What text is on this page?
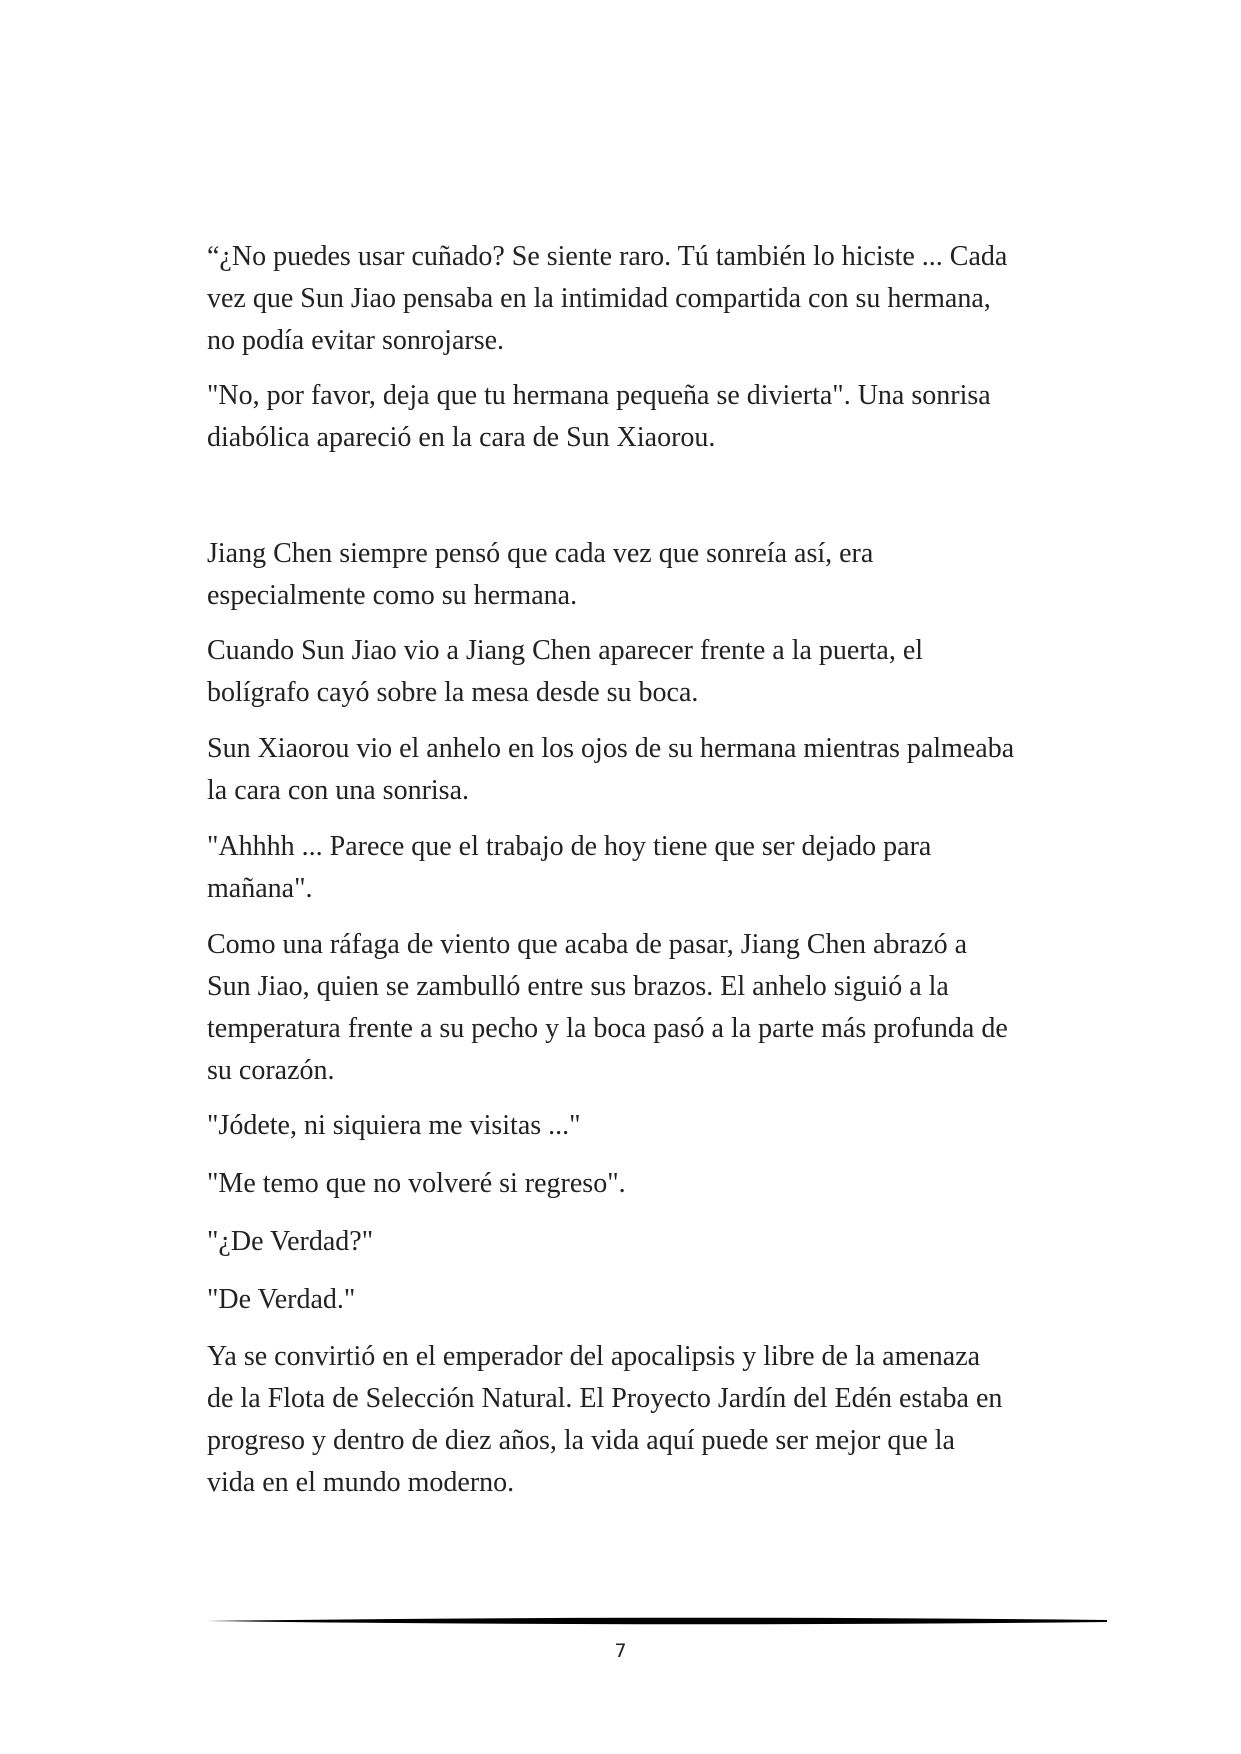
“¿No puedes usar cuñado? Se siente raro. Tú también lo hiciste ... Cada
vez que Sun Jiao pensaba en la intimidad compartida con su hermana,
no podía evitar sonrojarse.

"No, por favor, deja que tu hermana pequeña se divierta". Una sonrisa
diabólica apareció en la cara de Sun Xiaorou.

Jiang Chen siempre pensó que cada vez que sonreía así, era
especialmente como su hermana.

Cuando Sun Jiao vio a Jiang Chen aparecer frente a la puerta, el
bolígrafo cayó sobre la mesa desde su boca.

Sun Xiaorou vio el anhelo en los ojos de su hermana mientras palmeaba
la cara con una sonrisa.

"Ahhhh ... Parece que el trabajo de hoy tiene que ser dejado para
mañana".

Como una ráfaga de viento que acaba de pasar, Jiang Chen abrazó a
Sun Jiao, quien se zambulló entre sus brazos. El anhelo siguió a la
temperatura frente a su pecho y la boca pasó a la parte más profunda de
su corazón.

"Jódete, ni siquiera me visitas ..."

"Me temo que no volveré si regreso".

"¿De Verdad?"

"De Verdad."

Ya se convirtió en el emperador del apocalipsis y libre de la amenaza
de la Flota de Selección Natural. El Proyecto Jardín del Edén estaba en
progreso y dentro de diez años, la vida aquí puede ser mejor que la
vida en el mundo moderno.

7
